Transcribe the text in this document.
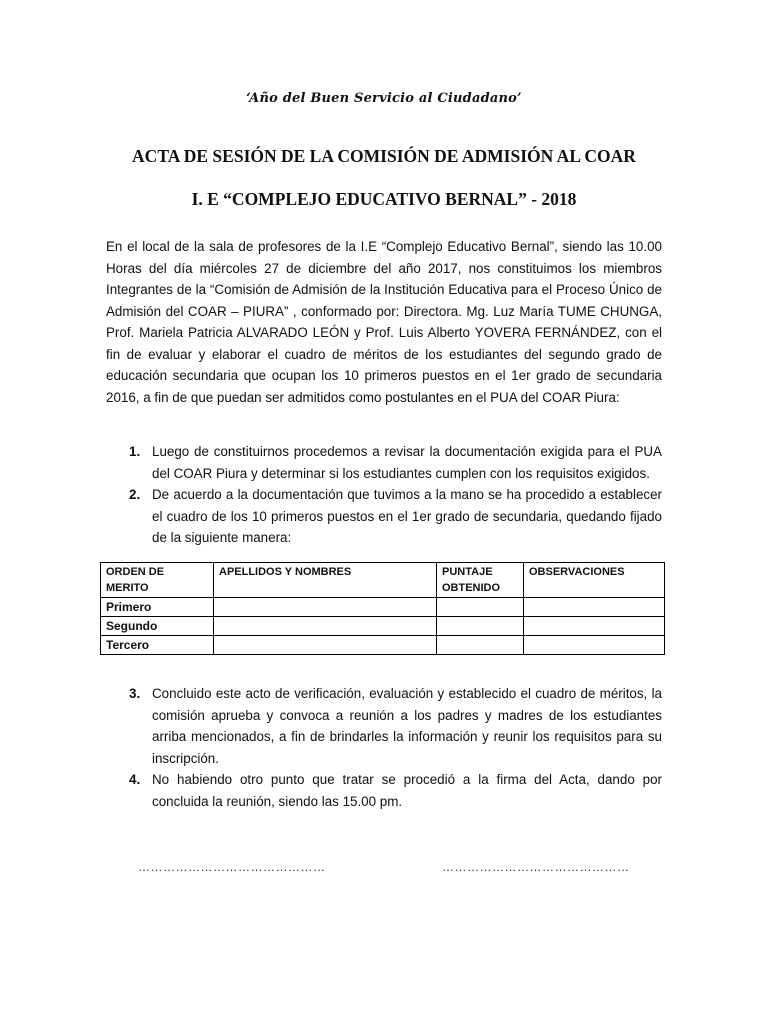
‘Año del Buen Servicio al Ciudadano’
ACTA DE SESIÓN DE LA COMISIÓN DE ADMISIÓN AL COAR
I. E “COMPLEJO EDUCATIVO BERNAL” - 2018

En el local de la sala de profesores de la I.E “Complejo Educativo Bernal”, siendo las 10.00 Horas del día miércoles 27 de diciembre del año 2017, nos constituimos los miembros Integrantes de la “Comisión de Admisión de la Institución Educativa para el Proceso Único de Admisión del COAR – PIURA” , conformado por: Directora. Mg. Luz María TUME CHUNGA, Prof. Mariela Patricia ALVARADO LEÓN y Prof. Luis Alberto YOVERA FERNÁNDEZ, con el fin de evaluar y elaborar el cuadro de méritos de los estudiantes del segundo grado de educación secundaria que ocupan los 10 primeros puestos en el 1er grado de secundaria 2016, a fin de que puedan ser admitidos como postulantes en el PUA del COAR Piura:

1. Luego de constituirnos procedemos a revisar la documentación exigida para el PUA del COAR Piura y determinar si los estudiantes cumplen con los requisitos exigidos.
2. De acuerdo a la documentación que tuvimos a la mano se ha procedido a establecer el cuadro de los 10 primeros puestos en el 1er grado de secundaria, quedando fijado de la siguiente manera:
ORDEN DE MERITO	APELLIDOS Y NOMBRES	PUNTAJE OBTENIDO	OBSERVACIONES
Primero			
Segundo			
Tercero			
3. Concluido este acto de verificación, evaluación y establecido el cuadro de méritos, la comisión aprueba y convoca a reunión a los padres y madres de los estudiantes arriba mencionados, a fin de brindarles la información y reunir los requisitos para su inscripción.
4. No habiendo otro punto que tratar se procedió a la firma del Acta, dando por concluida la reunión, siendo las 15.00 pm.
………………………………………	………………………………………
